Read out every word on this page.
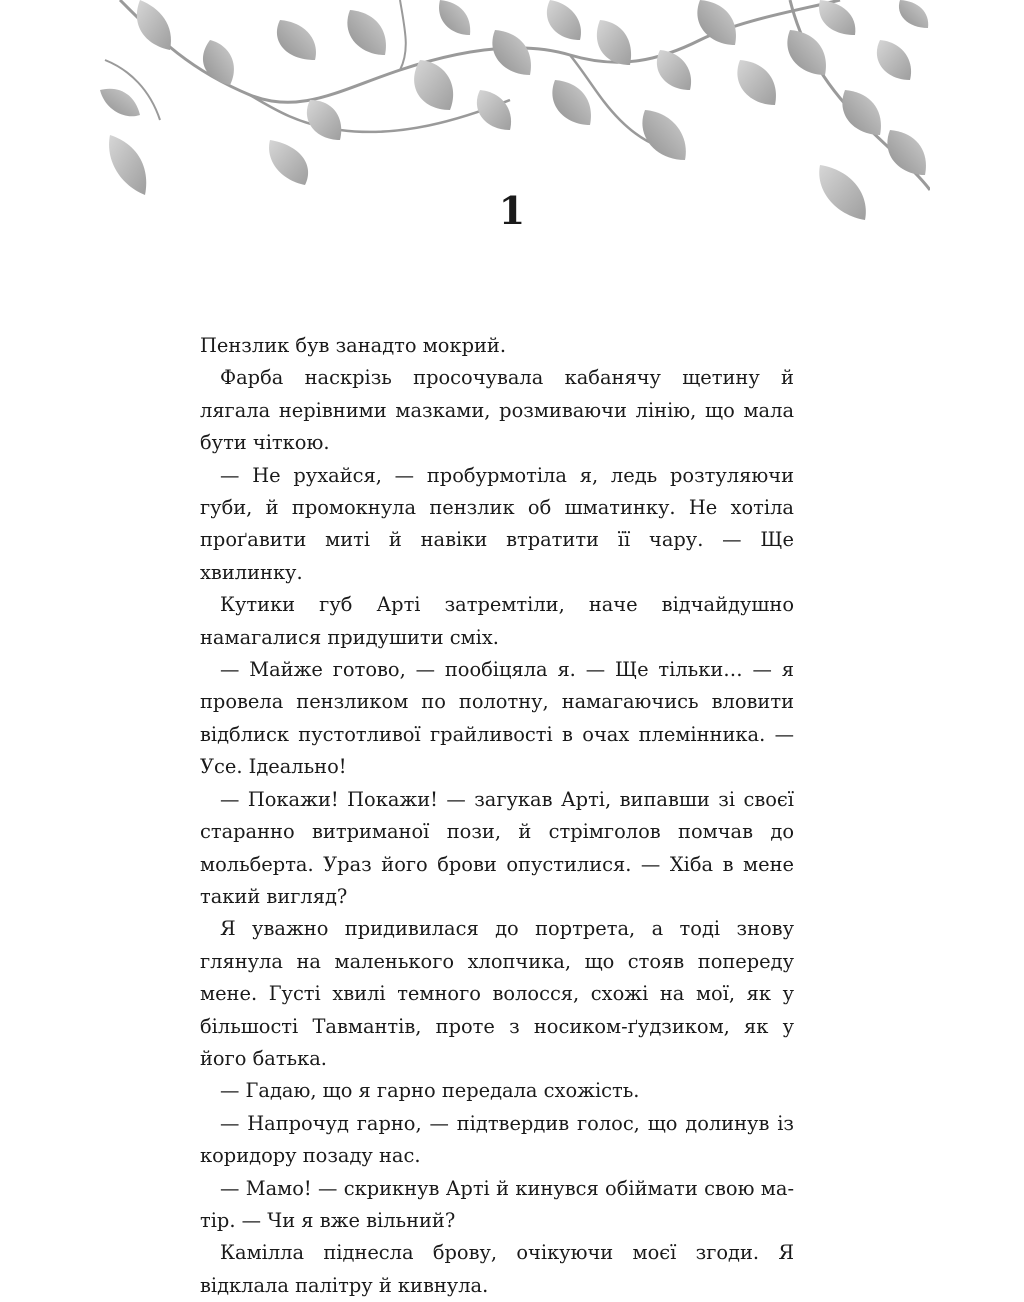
1

Пензлик був занадто мокрий.

Фарба наскрізь просочувала кабанячу щетину й лягала нерівними мазками, розмиваючи лінію, що мала бути чіткою.

— Не рухайся, — пробурмотіла я, ледь розтуляючи губи, й промокнула пензлик об шматинку. Не хотіла проґавити миті й навіки втратити її чару. — Ще хвилинку.

Кутики губ Арті затремтіли, наче відчайдушно намагалися придушити сміх.

— Майже готово, — пообіцяла я. — Ще тільки… — я провела пензликом по полотну, намагаючись вловити відблиск пустотливої грайливості в очах племінника. — Усе. Ідеально!

— Покажи! Покажи! — загукав Арті, випавши зі своєї старанно витриманої пози, й стрімголов помчав до мольберта. Ураз його брови опустилися. — Хіба в мене такий вигляд?

Я уважно придивилася до портрета, а тоді знову глянула на маленького хлопчика, що стояв попереду мене. Густі хвилі темного волосся, схожі на мої, як у більшості Тавмантів, проте з носиком-ґудзиком, як у його батька.

— Гадаю, що я гарно передала схожість.

— Напрочуд гарно, — підтвердив голос, що долинув із коридору позаду нас.

— Мамо! — скрикнув Арті й кинувся обіймати свою матір. — Чи я вже вільний?

Камілла піднесла брову, очікуючи моєї згоди. Я відклала палітру й кивнула.
